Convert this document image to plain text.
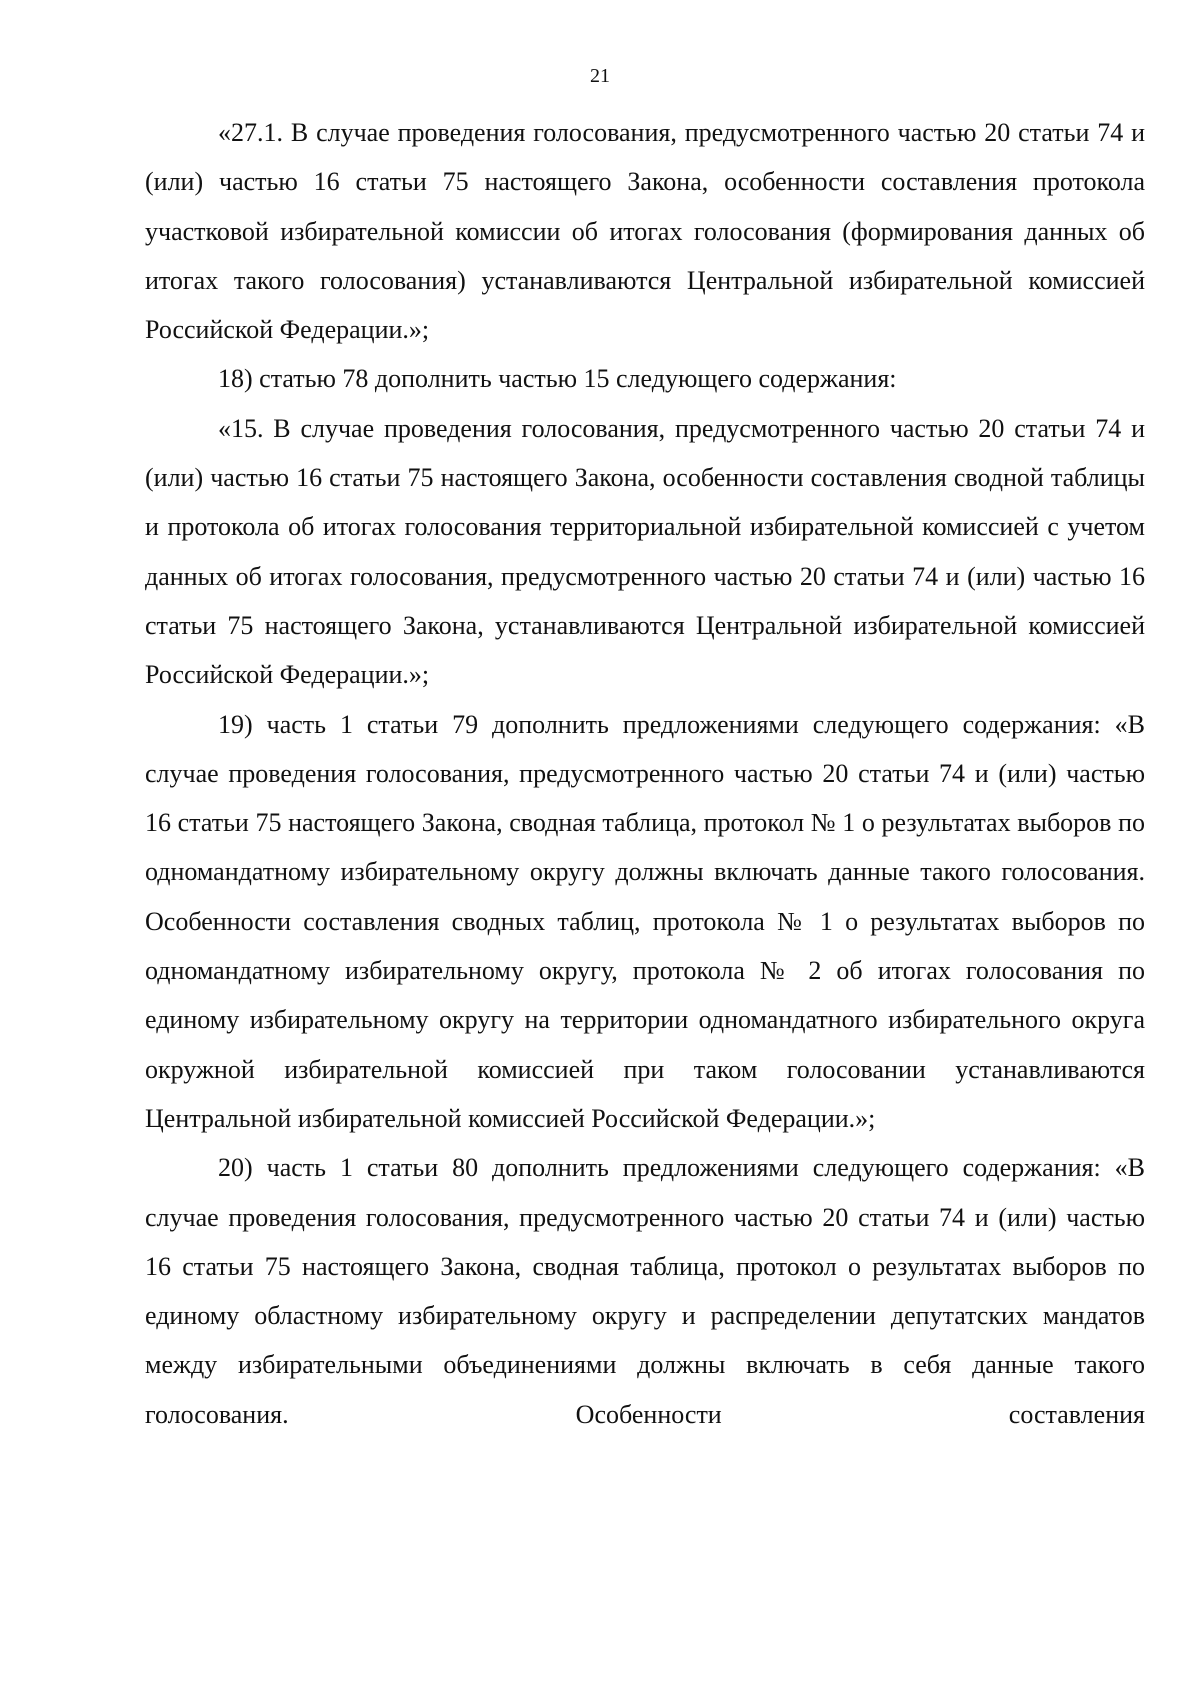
21

«27.1. В случае проведения голосования, предусмотренного частью 20 статьи 74 и (или) частью 16 статьи 75 настоящего Закона, особенности составления протокола участковой избирательной комиссии об итогах голосования (формирования данных об итогах такого голосования) устанавливаются Центральной избирательной комиссией Российской Федерации.»;

18) статью 78 дополнить частью 15 следующего содержания:

«15. В случае проведения голосования, предусмотренного частью 20 статьи 74 и (или) частью 16 статьи 75 настоящего Закона, особенности составления сводной таблицы и протокола об итогах голосования территориальной избирательной комиссией с учетом данных об итогах голосования, предусмотренного частью 20 статьи 74 и (или) частью 16 статьи 75 настоящего Закона, устанавливаются Центральной избирательной комиссией Российской Федерации.»;

19) часть 1 статьи 79 дополнить предложениями следующего содержания: «В случае проведения голосования, предусмотренного частью 20 статьи 74 и (или) частью 16 статьи 75 настоящего Закона, сводная таблица, протокол № 1 о результатах выборов по одномандатному избирательному округу должны включать данные такого голосования. Особенности составления сводных таблиц, протокола № 1 о результатах выборов по одномандатному избирательному округу, протокола № 2 об итогах голосования по единому избирательному округу на территории одномандатного избирательного округа окружной избирательной комиссией при таком голосовании устанавливаются Центральной избирательной комиссией Российской Федерации.»;

20) часть 1 статьи 80 дополнить предложениями следующего содержания: «В случае проведения голосования, предусмотренного частью 20 статьи 74 и (или) частью 16 статьи 75 настоящего Закона, сводная таблица, протокол о результатах выборов по единому областному избирательному округу и распределении депутатских мандатов между избирательными объединениями должны включать в себя данные такого голосования. Особенности составления
